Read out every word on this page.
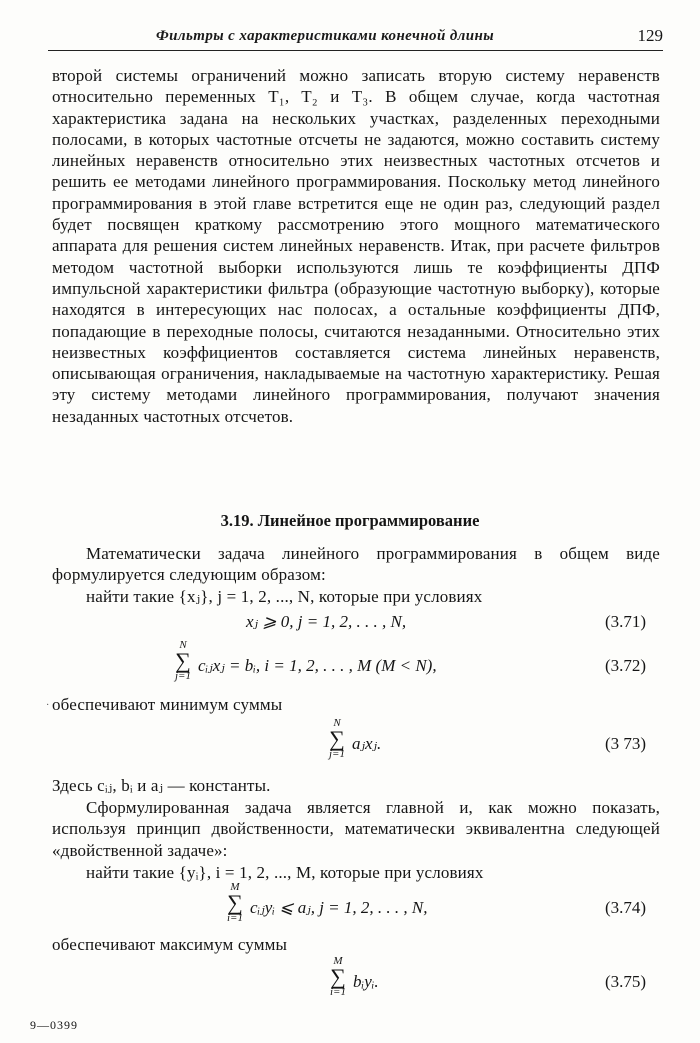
Фильтры с характеристиками конечной длины	129

второй системы ограничений можно записать вторую систему неравенств относительно переменных T₁, T₂ и T₃. В общем случае, когда частотная характеристика задана на нескольких участках, разделенных переходными полосами, в которых частотные отсчеты не задаются, можно составить систему линейных неравенств относительно этих неизвестных частотных отсчетов и решить ее методами линейного программирования. Поскольку метод линейного программирования в этой главе встретится еще не один раз, следующий раздел будет посвящен краткому рассмотрению этого мощного математического аппарата для решения систем линейных неравенств. Итак, при расчете фильтров методом частотной выборки используются лишь те коэффициенты ДПФ импульсной характеристики фильтра (образующие частотную выборку), которые находятся в интересующих нас полосах, а остальные коэффициенты ДПФ, попадающие в переходные полосы, считаются незаданными. Относительно этих неизвестных коэффициентов составляется система линейных неравенств, описывающая ограничения, накладываемые на частотную характеристику. Решая эту систему методами линейного программирования, получают значения незаданных частотных отсчетов.

3.19. Линейное программирование

Математически задача линейного программирования в общем виде формулируется следующим образом:

найти такие {xⱼ}, j = 1, 2, ..., N, которые при условиях

xⱼ ⩾ 0, j = 1, 2, . . . , N,	(3.71)
N
∑
j=1
cᵢⱼxⱼ = bᵢ, i = 1, 2, . . . , M (M < N),	(3.72)
· обеспечивают минимум суммы

N
∑
j=1
aⱼxⱼ.	(3 73)

Здесь cᵢⱼ, bᵢ и aⱼ — константы.

Сформулированная задача является главной и, как можно показать, используя принцип двойственности, математически эквивалентна следующей «двойственной задаче»:

найти такие {yᵢ}, i = 1, 2, ..., M, которые при условиях

M
∑
i=1
cᵢⱼyᵢ ⩽ aⱼ, j = 1, 2, . . . , N,	(3.74)

обеспечивают максимум суммы

M
∑
i=1
bᵢyᵢ.	(3.75)
9—0399
